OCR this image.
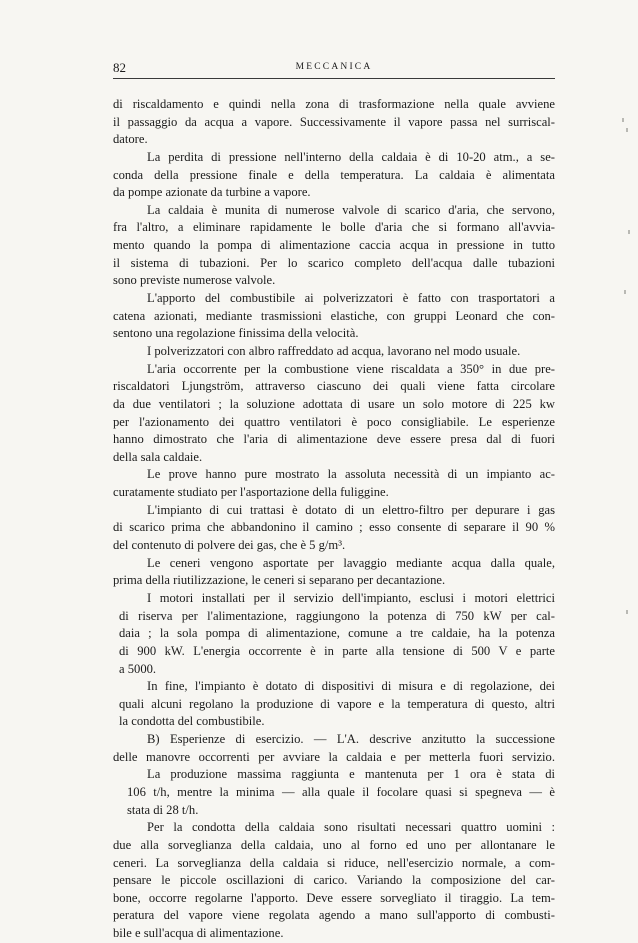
82	MECCANICA
di riscaldamento e quindi nella zona di trasformazione nella quale avviene
il passaggio da acqua a vapore. Successivamente il vapore passa nel surriscal-
datore.
La perdita di pressione nell'interno della caldaia è di 10-20 atm., a se-
conda della pressione finale e della temperatura. La caldaia è alimentata
da pompe azionate da turbine a vapore.
La caldaia è munita di numerose valvole di scarico d'aria, che servono,
fra l'altro, a eliminare rapidamente le bolle d'aria che si formano all'avvia-
mento quando la pompa di alimentazione caccia acqua in pressione in tutto
il sistema di tubazioni. Per lo scarico completo dell'acqua dalle tubazioni
sono previste numerose valvole.
L'apporto del combustibile ai polverizzatori è fatto con trasportatori a
catena azionati, mediante trasmissioni elastiche, con gruppi Leonard che con-
sentono una regolazione finissima della velocità.
I polverizzatori con albro raffreddato ad acqua, lavorano nel modo usuale.
L'aria occorrente per la combustione viene riscaldata a 350° in due pre-
riscaldatori Ljungström, attraverso ciascuno dei quali viene fatta circolare
da due ventilatori ; la soluzione adottata di usare un solo motore di 225 kw
per l'azionamento dei quattro ventilatori è poco consigliabile. Le esperienze
hanno dimostrato che l'aria di alimentazione deve essere presa dal di fuori
della sala caldaie.
Le prove hanno pure mostrato la assoluta necessità di un impianto ac-
curatamente studiato per l'asportazione della fuliggine.
L'impianto di cui trattasi è dotato di un elettro-filtro per depurare i gas
di scarico prima che abbandonino il camino ; esso consente di separare il 90 %
del contenuto di polvere dei gas, che è 5 g/m³.
Le ceneri vengono asportate per lavaggio mediante acqua dalla quale,
prima della riutilizzazione, le ceneri si separano per decantazione.
I motori installati per il servizio dell'impianto, esclusi i motori elettrici
di riserva per l'alimentazione, raggiungono la potenza di 750 kW per cal-
daia ; la sola pompa di alimentazione, comune a tre caldaie, ha la potenza
di 900 kW. L'energia occorrente è in parte alla tensione di 500 V e parte
a 5000.
In fine, l'impianto è dotato di dispositivi di misura e di regolazione, dei
quali alcuni regolano la produzione di vapore e la temperatura di questo, altri
la condotta del combustibile.
B) Esperienze di esercizio. — L'A. descrive anzitutto la successione
delle manovre occorrenti per avviare la caldaia e per metterla fuori servizio.
La produzione massima raggiunta e mantenuta per 1 ora è stata di
106 t/h, mentre la minima — alla quale il focolare quasi si spegneva — è
stata di 28 t/h.
Per la condotta della caldaia sono risultati necessari quattro uomini :
due alla sorveglianza della caldaia, uno al forno ed uno per allontanare le
ceneri. La sorveglianza della caldaia si riduce, nell'esercizio normale, a com-
pensare le piccole oscillazioni di carico. Variando la composizione del car-
bone, occorre regolarne l'apporto. Deve essere sorvegliato il tiraggio. La tem-
peratura del vapore viene regolata agendo a mano sull'apporto di combusti-
bile e sull'acqua di alimentazione.
